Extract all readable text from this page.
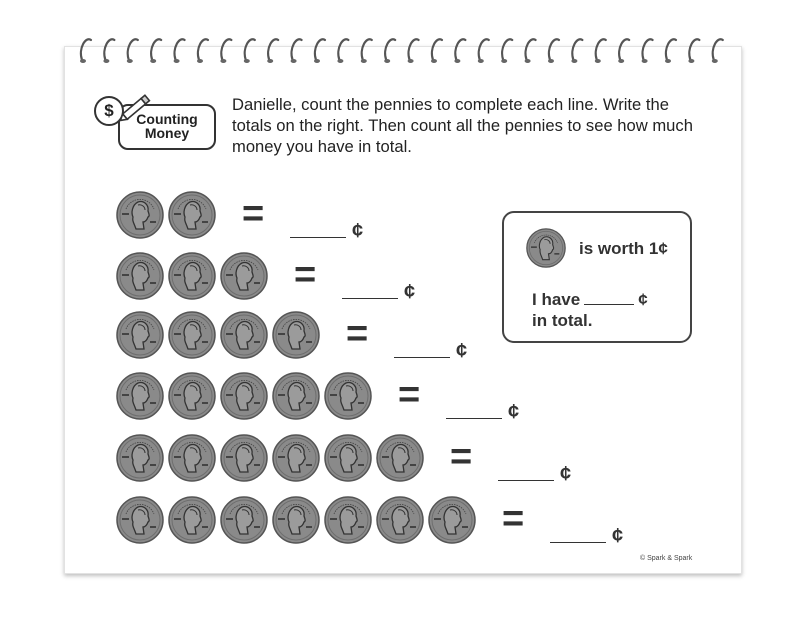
Counting
Money
$	Danielle, count the pennies to complete each line. Write the totals on the right. Then count all the pennies to see how much money you have in total.
=	¢
=	¢
=	¢
=	¢
=	¢
=	¢
is worth 1¢
I have	¢
in total.
© Spark & Spark
